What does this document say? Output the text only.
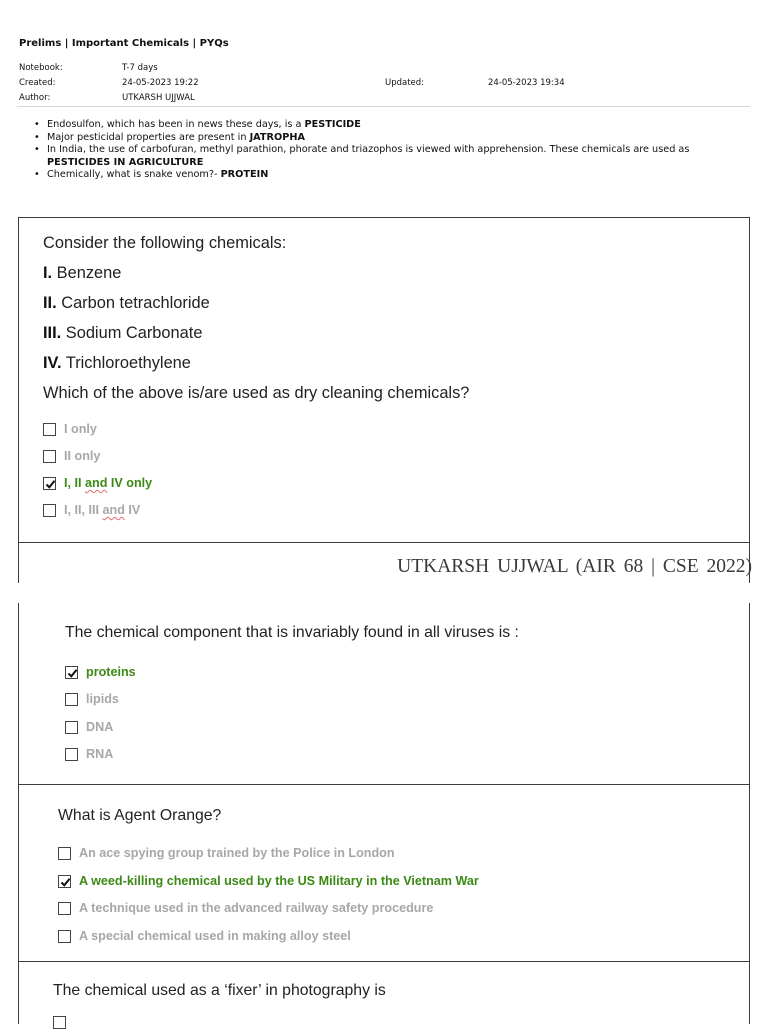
Prelims | Important Chemicals | PYQs
Notebook:	T-7 days
Created:	24-05-2023 19:22	Updated:	24-05-2023 19:34
Author:	UTKARSH UJJWAL
• Endosulfon, which has been in news these days, is a PESTICIDE
• Major pesticidal properties are present in JATROPHA
• In India, the use of carbofuran, methyl parathion, phorate and triazophos is viewed with apprehension. These chemicals are used as PESTICIDES IN AGRICULTURE
• Chemically, what is snake venom?- PROTEIN
Consider the following chemicals:
I. Benzene
II. Carbon tetrachloride
III. Sodium Carbonate
IV. Trichloroethylene
Which of the above is/are used as dry cleaning chemicals?
I only
II only
I, II and IV only
I, II, III and IV
UTKARSH UJJWAL (AIR 68 | CSE 2022)
The chemical component that is invariably found in all viruses is :
proteins
lipids
DNA
RNA
What is Agent Orange?
An ace spying group trained by the Police in London
A weed-killing chemical used by the US Military in the Vietnam War
A technique used in the advanced railway safety procedure
A special chemical used in making alloy steel
The chemical used as a ‘fixer’ in photography is
